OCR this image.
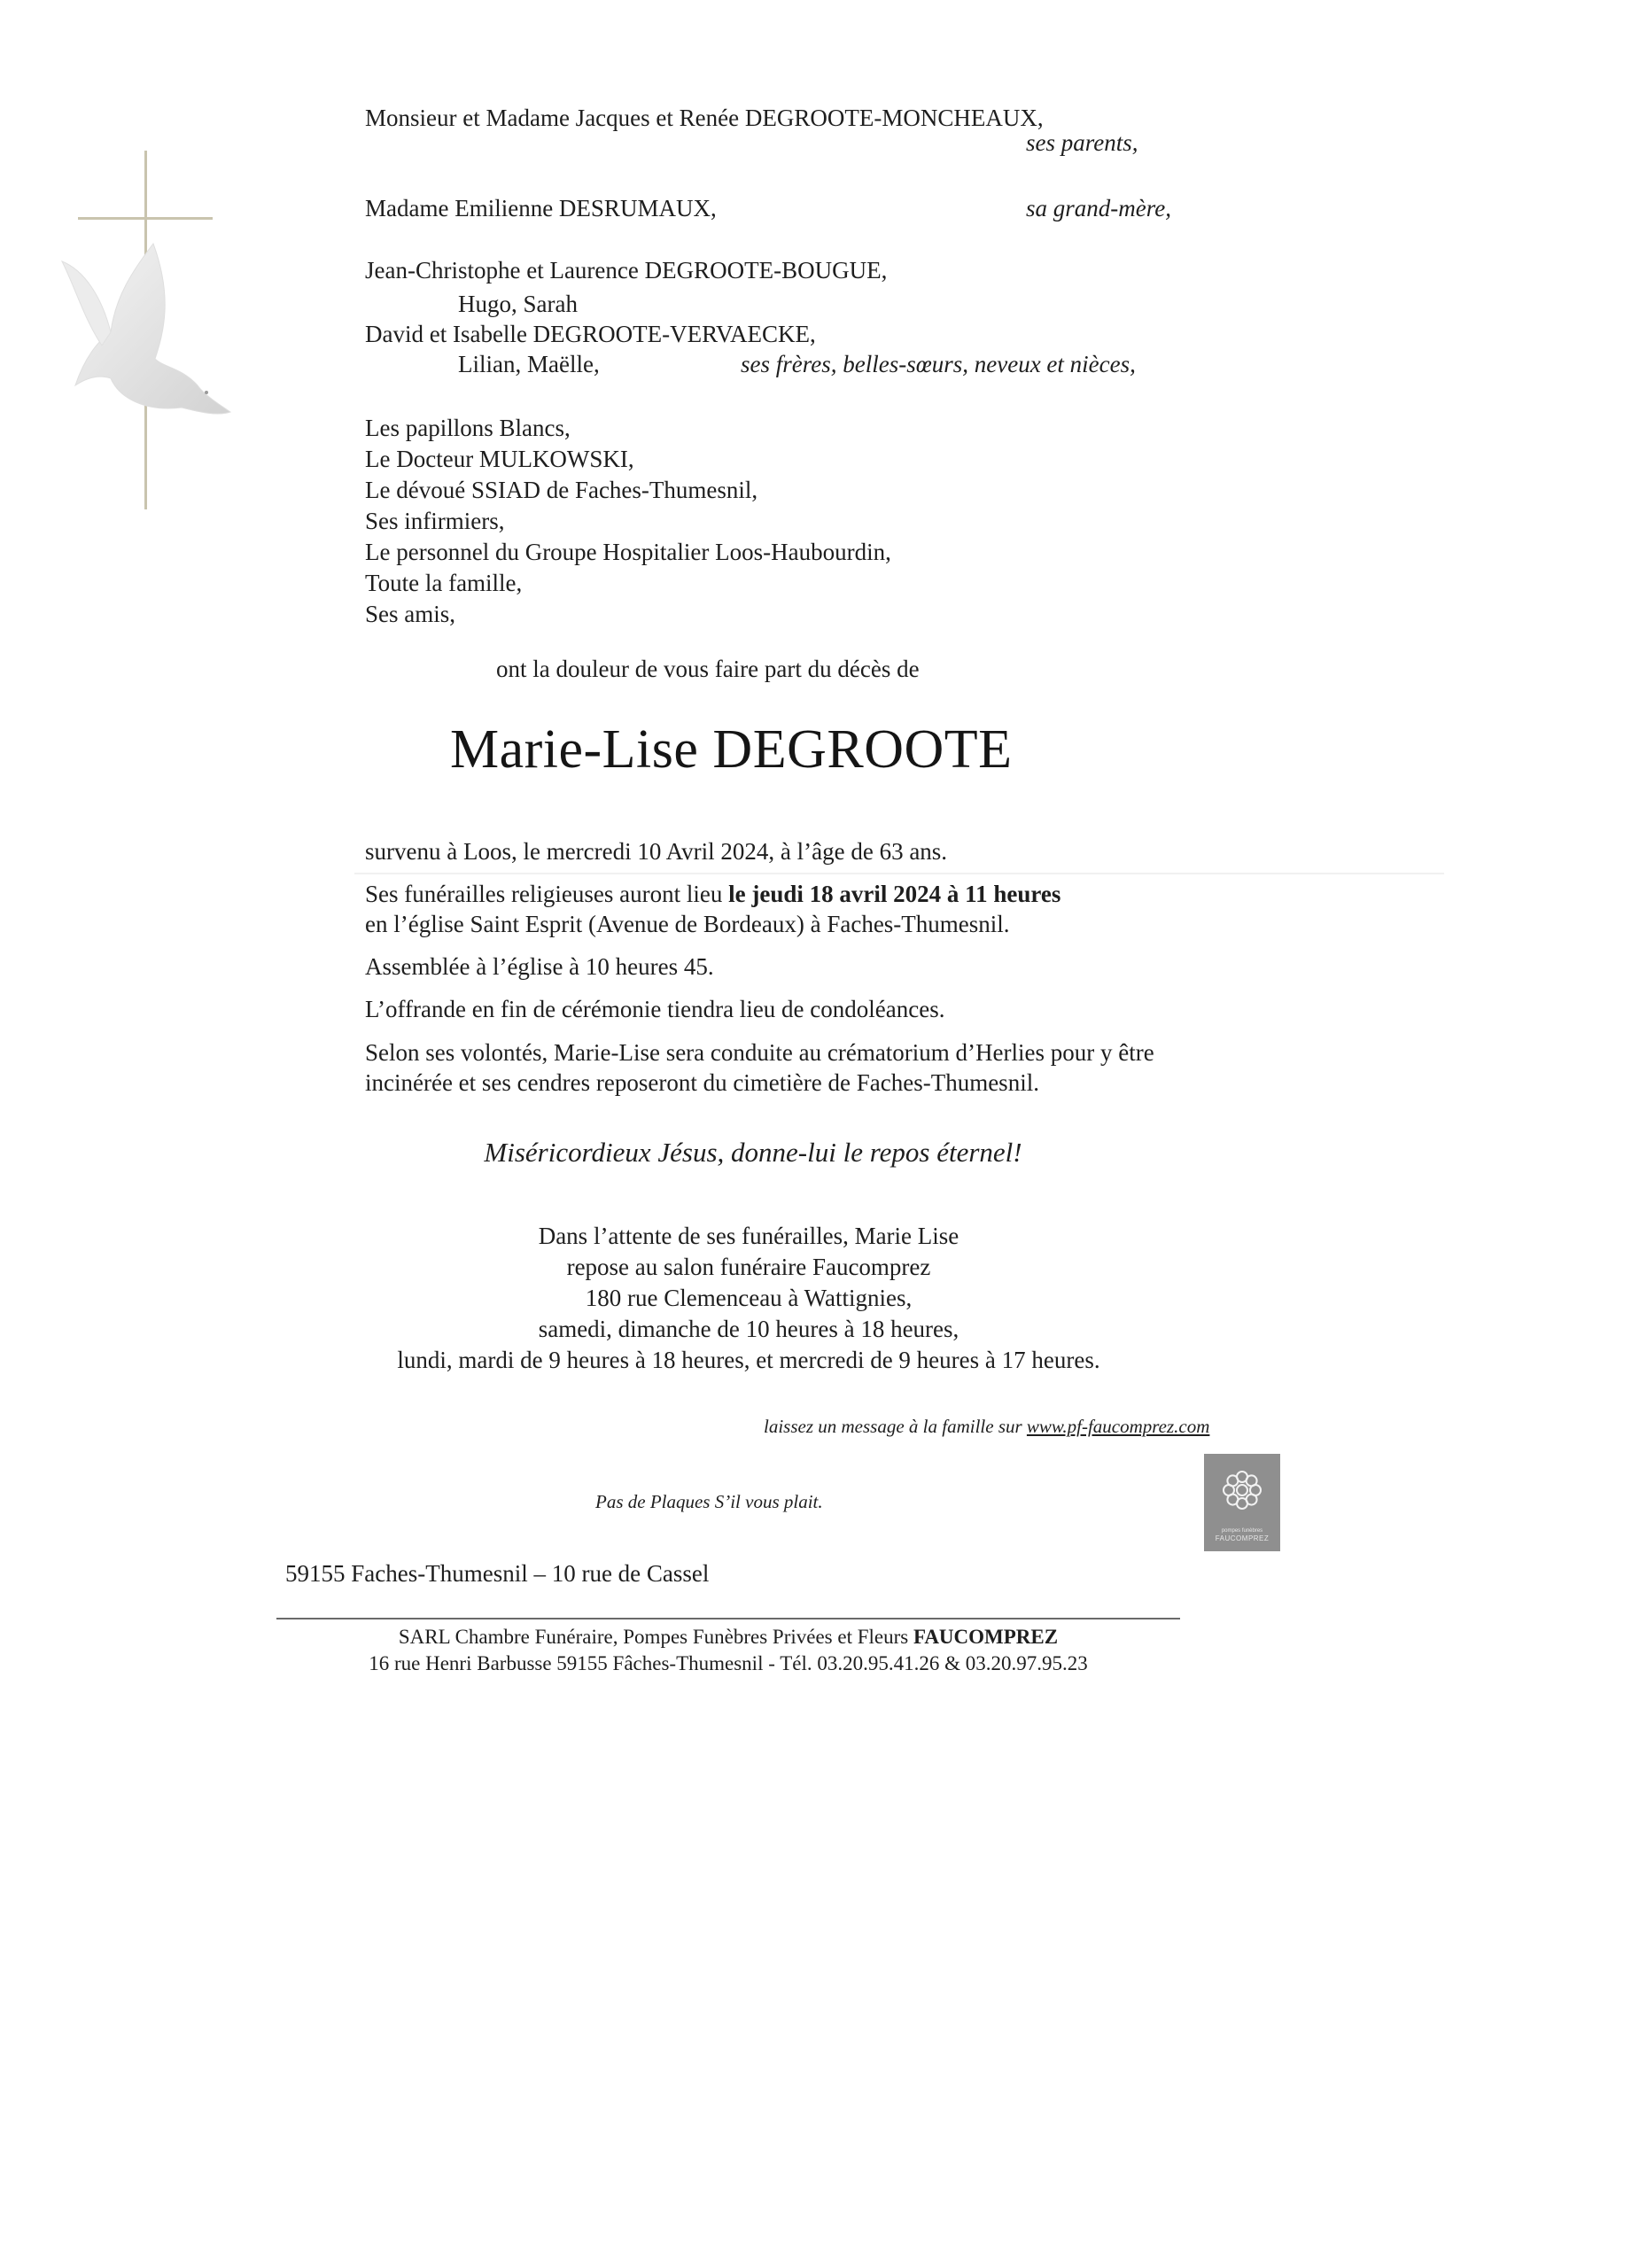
Monsieur et Madame Jacques et Renée DEGROOTE-MONCHEAUX,
ses parents,
Madame Emilienne DESRUMAUX,	sa grand-mère,
Jean-Christophe et Laurence DEGROOTE-BOUGUE,
Hugo, Sarah
David et Isabelle DEGROOTE-VERVAECKE,
Lilian, Maëlle,	ses frères, belles-sœurs, neveux et nièces,
Les papillons Blancs,
Le Docteur MULKOWSKI,
Le dévoué SSIAD de Faches-Thumesnil,
Ses infirmiers,
Le personnel du Groupe Hospitalier Loos-Haubourdin,
Toute la famille,
Ses amis,
ont la douleur de vous faire part du décès de
Marie-Lise DEGROOTE
survenu à Loos, le mercredi 10 Avril 2024, à l’âge de 63 ans.
Ses funérailles religieuses auront lieu le jeudi 18 avril 2024 à 11 heures
en l’église Saint Esprit (Avenue de Bordeaux) à Faches-Thumesnil.
Assemblée à l’église à 10 heures 45.
L’offrande en fin de cérémonie tiendra lieu de condoléances.
Selon ses volontés, Marie-Lise sera conduite au crématorium d’Herlies pour y être
incinérée et ses cendres reposeront du cimetière de Faches-Thumesnil.
Miséricordieux Jésus, donne-lui le repos éternel!
Dans l’attente de ses funérailles, Marie Lise
repose au salon funéraire Faucomprez
180 rue Clemenceau à Wattignies,
samedi, dimanche de 10 heures à 18 heures,
lundi, mardi de 9 heures à 18 heures, et mercredi de 9 heures à 17 heures.
laissez un message à la famille sur www.pf-faucomprez.com
pompes funèbres
FAUCOMPREZ
Pas de Plaques S’il vous plait.
59155 Faches-Thumesnil – 10 rue de Cassel
SARL Chambre Funéraire, Pompes Funèbres Privées et Fleurs FAUCOMPREZ
16 rue Henri Barbusse 59155 Fâches-Thumesnil - Tél. 03.20.95.41.26 & 03.20.97.95.23
